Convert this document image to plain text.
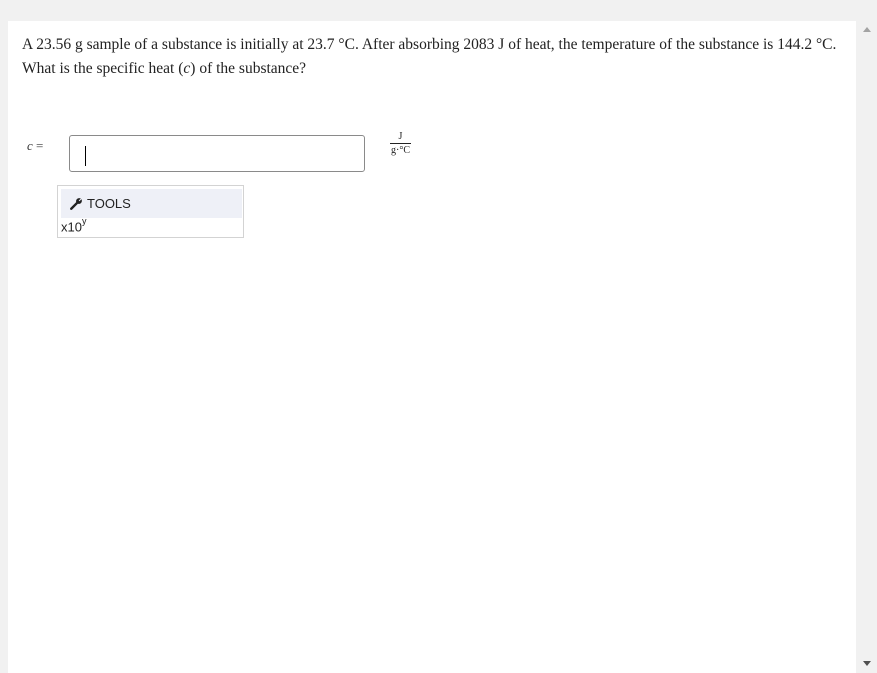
A 23.56 g sample of a substance is initially at 23.7 °C. After absorbing 2083 J of heat, the temperature of the substance is 144.2 °C. What is the specific heat (c) of the substance?
c =
J
g·°C
TOOLS
x10$^y$
